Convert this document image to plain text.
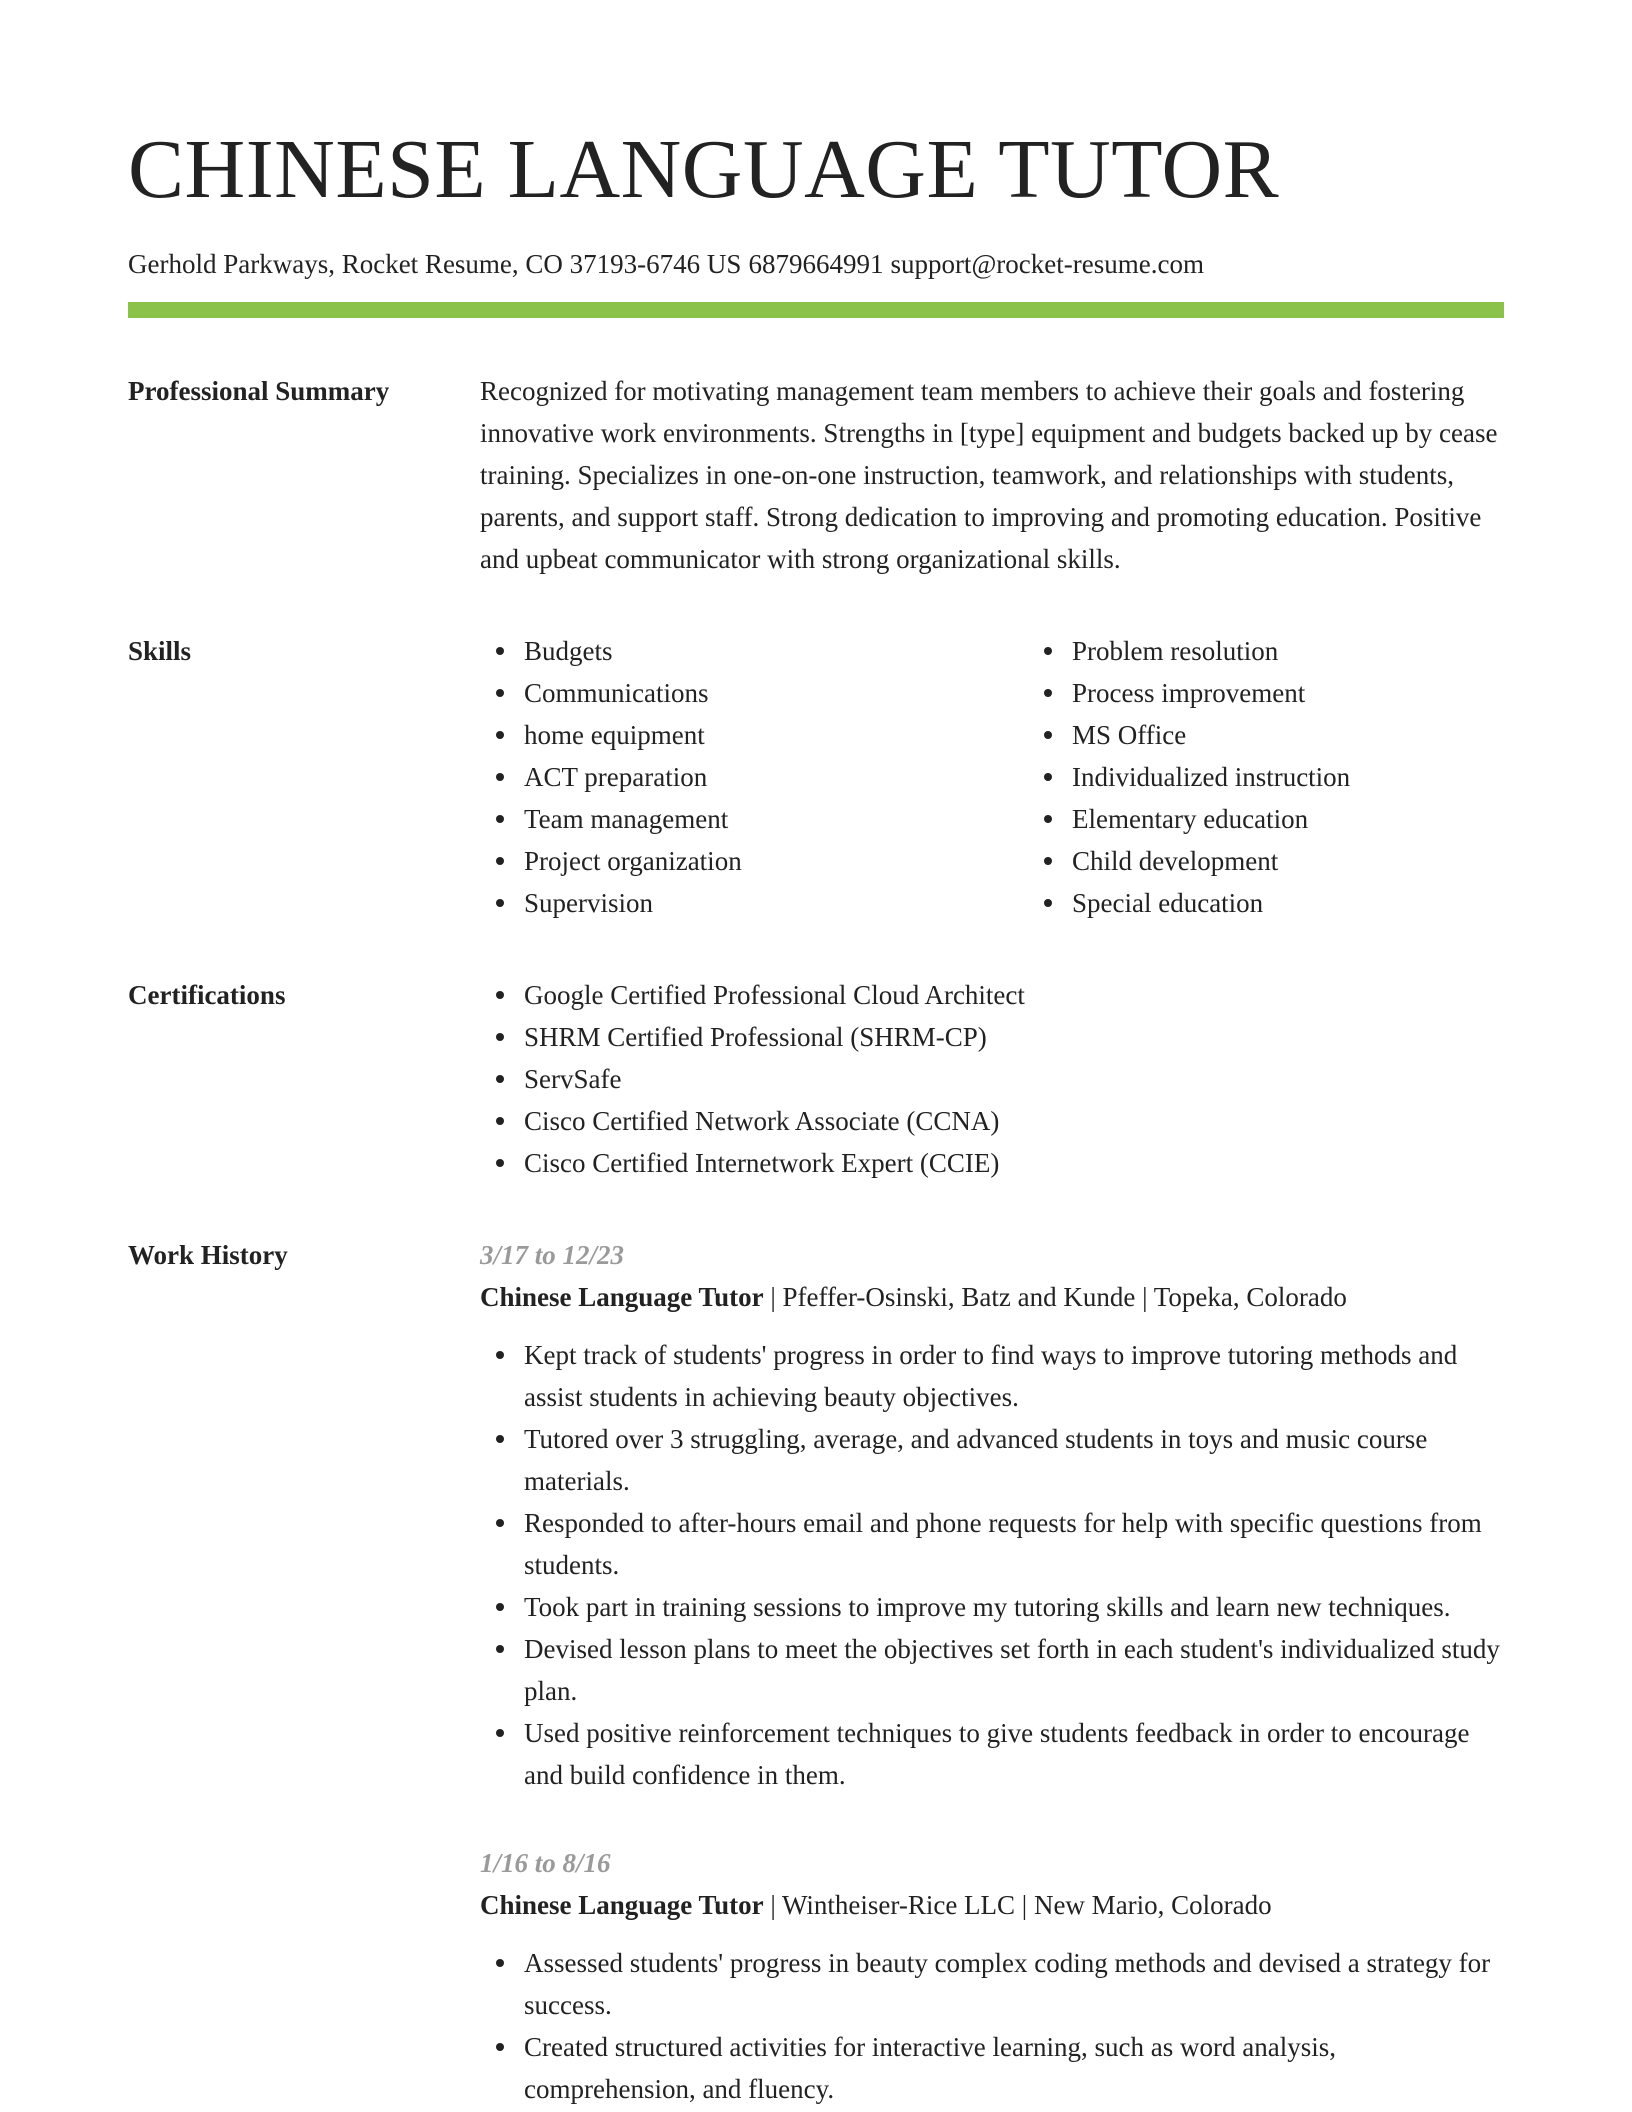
CHINESE LANGUAGE TUTOR
Gerhold Parkways, Rocket Resume, CO 37193-6746 US 6879664991 support@rocket-resume.com
Professional Summary	Recognized for motivating management team members to achieve their goals and fostering innovative work environments. Strengths in [type] equipment and budgets backed up by cease training. Specializes in one-on-one instruction, teamwork, and relationships with students, parents, and support staff. Strong dedication to improving and promoting education. Positive and upbeat communicator with strong organizational skills.

Skills	Budgets
Communications
home equipment
ACT preparation
Team management
Project organization
Supervision
Problem resolution
Process improvement
MS Office
Individualized instruction
Elementary education
Child development
Special education
Certifications	Google Certified Professional Cloud Architect
SHRM Certified Professional (SHRM-CP)
ServSafe
Cisco Certified Network Associate (CCNA)
Cisco Certified Internetwork Expert (CCIE)
Work History	3/17 to 12/23
Chinese Language Tutor | Pfeffer-Osinski, Batz and Kunde | Topeka, Colorado
Kept track of students' progress in order to find ways to improve tutoring methods and assist students in achieving beauty objectives.
Tutored over 3 struggling, average, and advanced students in toys and music course materials.
Responded to after-hours email and phone requests for help with specific questions from students.
Took part in training sessions to improve my tutoring skills and learn new techniques.
Devised lesson plans to meet the objectives set forth in each student's individualized study plan.
Used positive reinforcement techniques to give students feedback in order to encourage and build confidence in them.
1/16 to 8/16
Chinese Language Tutor | Wintheiser-Rice LLC | New Mario, Colorado
Assessed students' progress in beauty complex coding methods and devised a strategy for success.
Created structured activities for interactive learning, such as word analysis, comprehension, and fluency.
